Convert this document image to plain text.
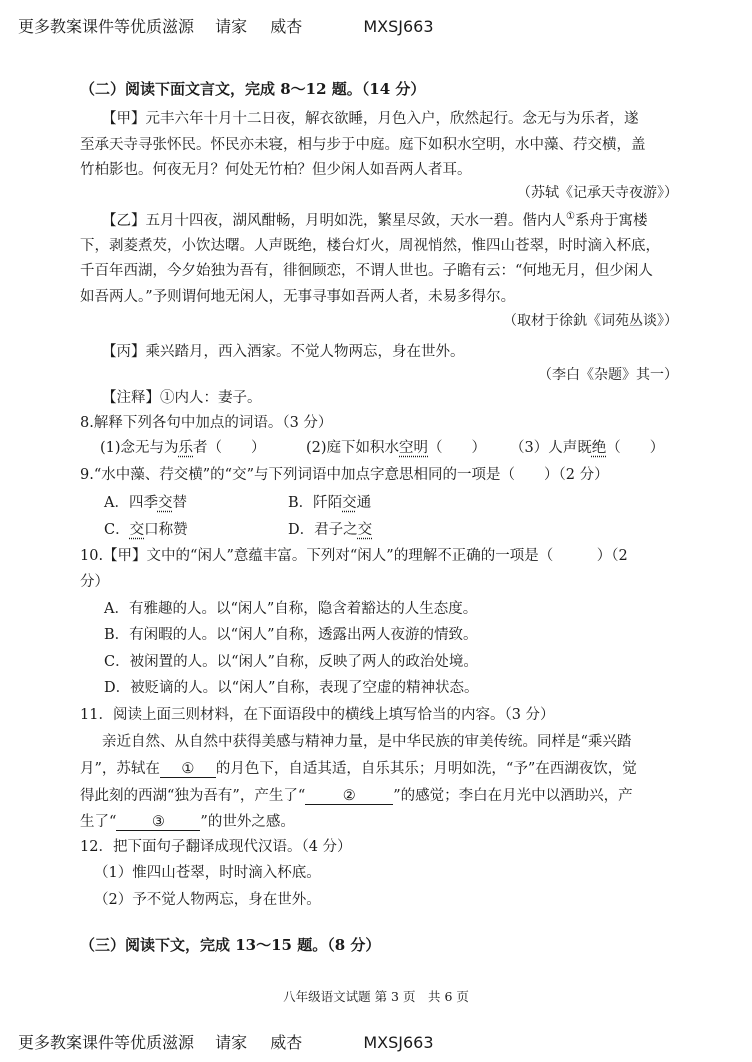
更多教案课件等优质滋源 请家 威杏	MXSJ663
（二）阅读下面文言文，完成 8～12 题。（14 分）
【甲】元丰六年十月十二日夜，解衣欲睡，月色入户，欣然起行。念无与为乐者，遂
至承天寺寻张怀民。怀民亦未寝，相与步于中庭。庭下如积水空明，水中藻、荇交横，盖
竹柏影也。何夜无月？何处无竹柏？但少闲人如吾两人者耳。
（苏轼《记承天寺夜游》）
【乙】五月十四夜，湖风酣畅，月明如洗，繁星尽敛，天水一碧。偕内人①系舟于寓楼
下，剥菱煮芡，小饮达曙。人声既绝，楼台灯火，周视悄然，惟四山苍翠，时时滴入杯底，
千百年西湖，今夕始独为吾有，徘徊顾恋，不谓人世也。子瞻有云：“何地无月，但少闲人
如吾两人。”予则谓何地无闲人，无事寻事如吾两人者，未易多得尔。
（取材于徐釚《词苑丛谈》）
【丙】乘兴踏月，西入酒家。不觉人物两忘，身在世外。
（李白《杂题》其一）
【注释】①内人：妻子。
8.解释下列各句中加点的词语。（3 分）
(1)念无与为乐者（　　）	(2)庭下如积水空明（　　） （3）人声既绝（　　）
9.“水中藻、荇交横”的“交”与下列词语中加点字意思相同的一项是（　　）（2 分）
A．四季交替	B．阡陌交通
C．交口称赞	D．君子之交
10.【甲】文中的“闲人”意蕴丰富。下列对“闲人”的理解不正确的一项是（　　　）（2
分）
A．有雅趣的人。以“闲人”自称，隐含着豁达的人生态度。
B．有闲暇的人。以“闲人”自称，透露出两人夜游的情致。
C．被闲置的人。以“闲人”自称，反映了两人的政治处境。
D．被贬谪的人。以“闲人”自称，表现了空虚的精神状态。
11．阅读上面三则材料，在下面语段中的横线上填写恰当的内容。（3 分）
亲近自然、从自然中获得美感与精神力量，是中华民族的审美传统。同样是“乘兴踏
月”，苏轼在 ① 的月色下，自适其适，自乐其乐；月明如洗，“予”在西湖夜饮，觉
得此刻的西湖“独为吾有”，产生了“	②	”的感觉；李白在月光中以酒助兴，产
生了“ ③ ”的世外之感。
12．把下面句子翻译成现代汉语。（4 分）
（1）惟四山苍翠，时时滴入杯底。
（2）予不觉人物两忘，身在世外。
（三）阅读下文，完成 13～15 题。（8 分）
八年级语文试题 第 3 页　共 6 页
更多教案课件等优质滋源 请家 威杏	MXSJ663
